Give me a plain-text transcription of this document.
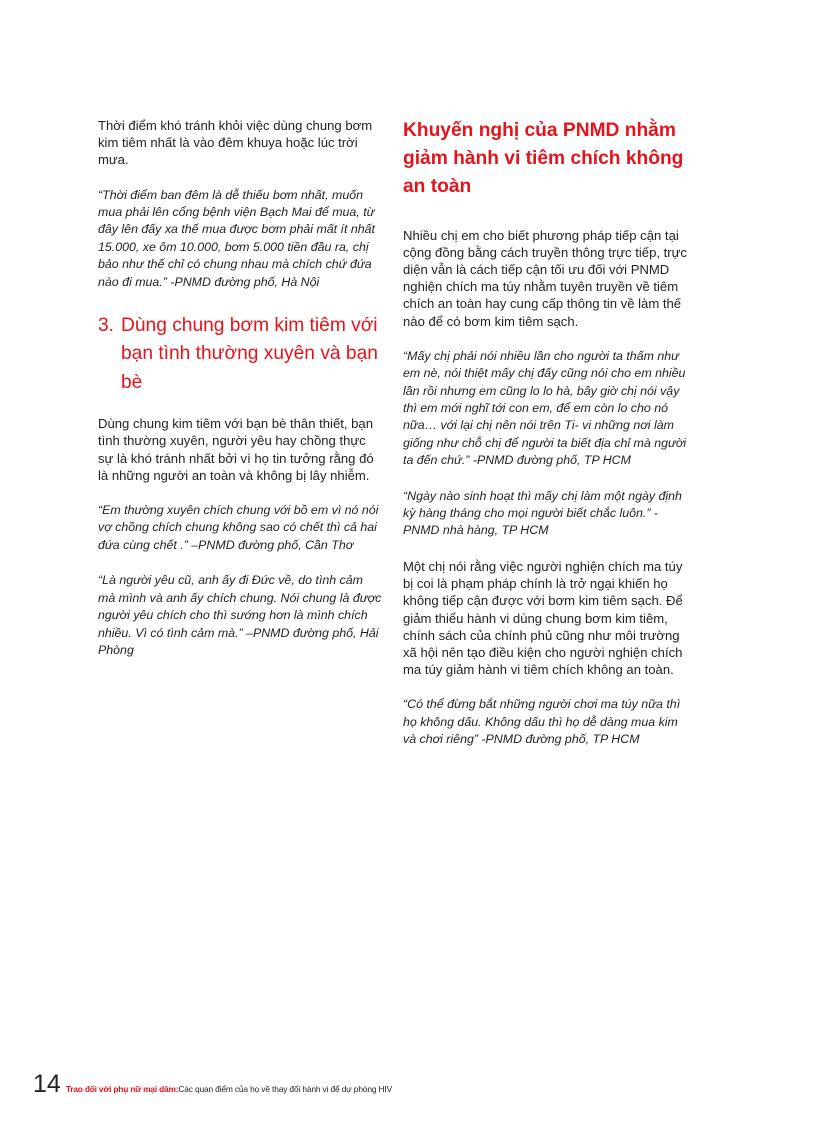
Thời điểm khó tránh khỏi việc dùng chung bơm kim tiêm nhất là vào đêm khuya hoặc lúc trời mưa.

“Thời điểm ban đêm là dễ thiếu bơm nhất, muốn mua phải lên cổng bệnh viện Bạch Mai để mua, từ đây lên đấy xa thế mua được bơm phải mất ít nhất 15.000, xe ôm 10.000, bơm 5.000 tiền đầu ra, chị bảo như thế chỉ có chung nhau mà chích chứ đứa nào đi mua.” -PNMD đường phố, Hà Nội

3. Dùng chung bơm kim tiêm với bạn tình thường xuyên và bạn bè

Dùng chung kim tiêm với bạn bè thân thiết, bạn tình thường xuyên, người yêu hay chồng thực sự là khó tránh nhất bởi vì họ tin tưởng rằng đó là những người an toàn và không bị lây nhiễm.

“Em thường xuyên chích chung với bồ em vì nó nói vợ chồng chích chung không sao có chết thì cả hai đứa cùng chết .” –PNMD đường phố, Cần Thơ

“Là người yêu cũ, anh ấy đi Đức về, do tình cảm mà mình và anh ấy chích chung. Nói chung là được người yêu chích cho thì sướng hơn là mình chích nhiều. Vì có tình cảm mà.” –PNMD đường phố, Hải Phòng

Khuyến nghị của PNMD nhằm giảm hành vi tiêm chích không an toàn

Nhiều chị em cho biết phương pháp tiếp cận tại cộng đồng bằng cách truyền thông trực tiếp, trực diện vẫn là cách tiếp cận tối ưu đối với PNMD nghiện chích ma túy nhằm tuyên truyền về tiêm chích an toàn hay cung cấp thông tin về làm thế nào để có bơm kim tiêm sạch.

“Mấy chị phải nói nhiều lần cho người ta thấm như em nè, nói thiệt mấy chị đấy cũng nói cho em nhiều lần rồi nhưng em cũng lo lo hà, bây giờ chị nói vậy thì em mới nghĩ tới con em, để em còn lo cho nó nữa… với lại chị nên nói trên Ti- vi những nơi làm giống như chỗ chị để người ta biết địa chỉ mà người ta đến chứ.” -PNMD đường phố, TP HCM

“Ngày nào sinh hoạt thì mấy chị làm một ngày định kỳ hàng tháng cho mọi người biết chắc luôn.” -PNMD nhà hàng, TP HCM

Một chị nói rằng việc người nghiện chích ma túy bị coi là phạm pháp chính là trở ngại khiến họ không tiếp cận được với bơm kim tiêm sạch. Để giảm thiểu hành vi dùng chung bơm kim tiêm, chính sách của chính phủ cũng như môi trường xã hội nên tạo điều kiện cho người nghiện chích ma túy giảm hành vi tiêm chích không an toàn.

“Có thể đừng bắt những người chơi ma túy nữa thì họ không dấu. Không dấu thì họ dễ dàng mua kim và chơi riêng” -PNMD đường phố, TP HCM

14 Trao đổi với phụ nữ mại dâm: Các quan điểm của họ về thay đổi hành vi để dự phòng HIV
